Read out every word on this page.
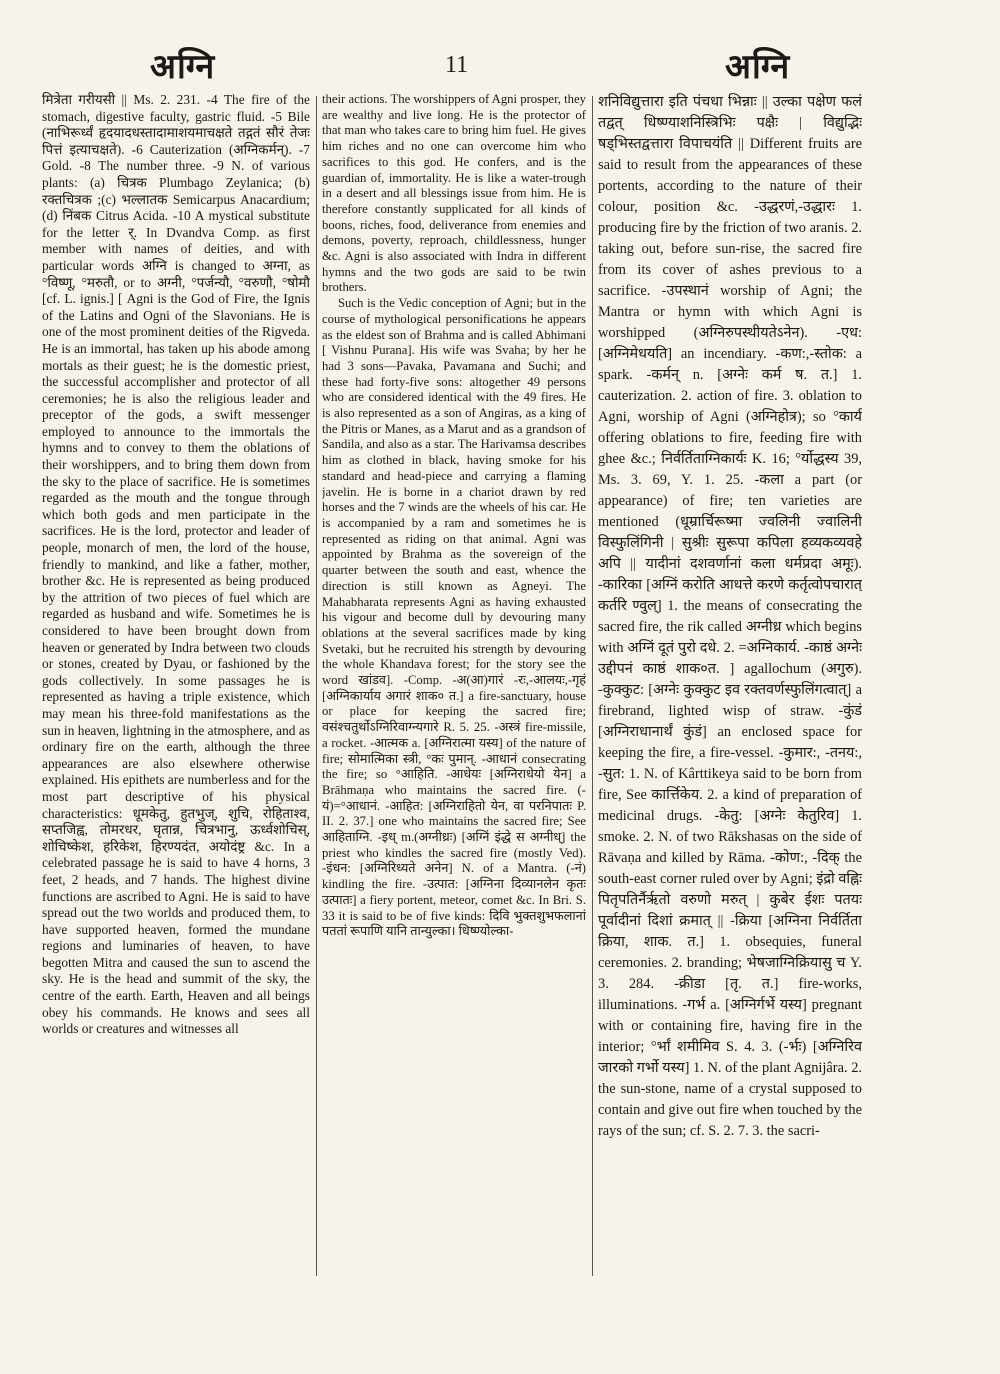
अग्नि	11	अग्नि

मित्रेता गरीयसी || Ms. 2. 231. -4 The fire of the stomach, digestive faculty, gastric fluid. -5 Bile (नाभिरूर्ध्वं हृदयादधस्तादामाशयमाचक्षते तद्गतं सौरं तेजः पित्तं इत्याचक्षते). -6 Cauterization (अग्निकर्मन्). -7 Gold. -8 The number three. -9 N. of various plants: (a) चित्रक Plumbago Zeylanica; (b) रक्तचित्रक ;(c) भल्लातक Semicarpus Anacardium; (d) निंबक Citrus Acida. -10 A mystical substitute for the letter र्. In Dvandva Comp. as first member with names of deities, and with particular words अग्नि is changed to अग्ना, as °विष्णू, °मरुतौ, or to अग्नी, °पर्जन्यौ, °वरुणौ, °षोमौ [cf. L. ignis.] [ Agni is the God of Fire, the Ignis of the Latins and Ogni of the Slavonians. He is one of the most prominent deities of the Rigveda. He is an immortal, has taken up his abode among mortals as their guest; he is the domestic priest, the successful accomplisher and protector of all ceremonies; he is also the religious leader and preceptor of the gods, a swift messenger employed to announce to the immortals the hymns and to convey to them the oblations of their worshippers, and to bring them down from the sky to the place of sacrifice. He is sometimes regarded as the mouth and the tongue through which both gods and men participate in the sacrifices. He is the lord, protector and leader of people, monarch of men, the lord of the house, friendly to mankind, and like a father, mother, brother &c. He is represented as being produced by the attrition of two pieces of fuel which are regarded as husband and wife. Sometimes he is considered to have been brought down from heaven or generated by Indra between two clouds or stones, created by Dyau, or fashioned by the gods collectively. In some passages he is represented as having a triple existence, which may mean his three-fold manifestations as the sun in heaven, lightning in the atmosphere, and as ordinary fire on the earth, although the three appearances are also elsewhere otherwise explained. His epithets are numberless and for the most part descriptive of his physical characteristics: धूमकेतु, हुतभुज्, शुचि, रोहिताश्व, सप्तजिह्व, तोमरधर, घृतान्न, चित्रभानु, ऊर्ध्वशोचिस्, शोचिष्केश, हरिकेश, हिरण्यदंत, अयोदंष्ट्र &c. In a celebrated passage he is said to have 4 horns, 3 feet, 2 heads, and 7 hands. The highest divine functions are ascribed to Agni. He is said to have spread out the two worlds and produced them, to have supported heaven, formed the mundane regions and luminaries of heaven, to have begotten Mitra and caused the sun to ascend the sky. He is the head and summit of the sky, the centre of the earth. Earth, Heaven and all beings obey his commands. He knows and sees all worlds or creatures and witnesses all

their actions. The worshippers of Agni prosper, they are wealthy and live long. He is the protector of that man who takes care to bring him fuel. He gives him riches and no one can overcome him who sacrifices to this god. He confers, and is the guardian of, immortality. He is like a water-trough in a desert and all blessings issue from him. He is therefore constantly supplicated for all kinds of boons, riches, food, deliverance from enemies and demons, poverty, reproach, childlessness, hunger &c. Agni is also associated with Indra in different hymns and the two gods are said to be twin brothers.

Such is the Vedic conception of Agni; but in the course of mythological personifications he appears as the eldest son of Brahma and is called Abhimani [ Vishnu Purana]. His wife was Svaha; by her he had 3 sons—Pavaka, Pavamana and Suchi; and these had forty-five sons: altogether 49 persons who are considered identical with the 49 fires. He is also represented as a son of Angiras, as a king of the Pitris or Manes, as a Marut and as a grandson of Sandila, and also as a star. The Harivamsa describes him as clothed in black, having smoke for his standard and head-piece and carrying a flaming javelin. He is borne in a chariot drawn by red horses and the 7 winds are the wheels of his car. He is accompanied by a ram and sometimes he is represented as riding on that animal. Agni was appointed by Brahma as the sovereign of the quarter between the south and east, whence the direction is still known as Agneyi. The Mahabharata represents Agni as having exhausted his vigour and become dull by devouring many oblations at the several sacrifices made by king Svetaki, but he recruited his strength by devouring the whole Khandava forest; for the story see the word खांडव]. -Comp. -अ(आ)गारं -रः,-आलयः,-गृहं [अग्निकार्याय अगारं शाक० त.] a fire-sanctuary, house or place for keeping the sacred fire; वसंश्चतुर्थोऽग्निरिवाग्न्यगारे R. 5. 25. -अस्त्रं fire-missile, a rocket. -आत्मक a. [अग्निरात्मा यस्य] of the nature of fire; सोमात्मिका स्त्री, °कः पुमान्. -आधानं consecrating the fire; so °आहिति. -आधेयः [अग्निराधेयो येन] a Brāhmaṇa who maintains the sacred fire. (-यं)=°आधानं. -आहित: [अग्निराहितो येन, वा परनिपातः P. II. 2. 37.] one who maintains the sacred fire; See आहिताग्नि. -इध् m.(अग्नीध्रः) [अग्निं इंद्धे स अग्नीध्] the priest who kindles the sacred fire (mostly Ved). -इंधन: [अग्निरिध्यते अनेन] N. of a Mantra. (-नं) kindling the fire. -उत्पात: [अग्निना दिव्यानलेन कृतः उत्पातः] a fiery portent, meteor, comet &c. In Bri. S. 33 it is said to be of five kinds: दिवि भुक्तशुभफलानां पततां रूपाणि यानि तान्युल्का। धिष्ण्योल्का-

शनिविद्युत्तारा इति पंचधा भिन्नाः || उल्का पक्षेण फलं तद्वत् धिष्ण्याशनिस्त्रिभिः पक्षैः | विद्युद्भिः षड्भिस्तद्वत्तारा विपाचयंति || Different fruits are said to result from the appearances of these portents, according to the nature of their colour, position &c. -उद्धरणं,-उद्धारः 1. producing fire by the friction of two aranis. 2. taking out, before sun-rise, the sacred fire from its cover of ashes previous to a sacrifice. -उपस्थानं worship of Agni; the Mantra or hymn with which Agni is worshipped (अग्निरुपस्थीयतेऽनेन). -एध: [अग्निमेधयति] an incendiary. -कण:,-स्तोक: a spark. -कर्मन् n. [अग्नेः कर्म ष. त.] 1. cauterization. 2. action of fire. 3. oblation to Agni, worship of Agni (अग्निहोत्र); so °कार्य offering oblations to fire, feeding fire with ghee &c.; निर्वर्तिताग्निकार्यः K. 16; °र्योद्धस्य 39, Ms. 3. 69, Y. 1. 25. -कला a part (or appearance) of fire; ten varieties are mentioned (धूम्रार्चिरूष्मा ज्वलिनी ज्वालिनी विस्फुलिंगिनी | सुश्रीः सुरूपा कपिला हव्यकव्यवहे अपि || यादीनां दशवर्णानां कला धर्मप्रदा अमूः). -कारिका [अग्निं करोति आधत्ते करणे कर्तृत्वोपचारात् कर्तरि ण्वुल्] 1. the means of consecrating the sacred fire, the rik called अग्नीध्र which begins with अग्निं दूतं पुरो दधे. 2. =अग्निकार्य. -काष्ठं अग्नेः उद्दीपनं काष्ठं शाक०त. ] agallochum (अगुरु). -कुक्कुट: [अग्नेः कुक्कुट इव रक्तवर्णस्फुलिंगत्वात्] a firebrand, lighted wisp of straw. -कुंडं [अग्निराधानार्थं कुंडं] an enclosed space for keeping the fire, a fire-vessel. -कुमार:, -तनय:, -सुत: 1. N. of Kârttikeya said to be born from fire, See कार्त्तिकेय. 2. a kind of preparation of medicinal drugs. -केतु: [अग्नेः केतुरिव] 1. smoke. 2. N. of two Rākshasas on the side of Rāvaṇa and killed by Rāma. -कोण:, -दिक् the south-east corner ruled over by Agni; इंद्रो वह्निः पितृपतिर्नैर्ऋतो वरुणो मरुत् | कुबेर ईशः पतयः पूर्वादीनां दिशां क्रमात् || -क्रिया [अग्निना निर्वर्तिता क्रिया, शाक. त.] 1. obsequies, funeral ceremonies. 2. branding; भेषजाग्निक्रियासु च Y. 3. 284. -क्रीडा [तृ. त.] fire-works, illuminations. -गर्भ a. [अग्निर्गर्भे यस्य] pregnant with or containing fire, having fire in the interior; °र्भां शमीमिव S. 4. 3. (-र्भः) [अग्निरिव जारको गर्भो यस्य] 1. N. of the plant Agnijâra. 2. the sun-stone, name of a crystal supposed to contain and give out fire when touched by the rays of the sun; cf. S. 2. 7. 3. the sacri-
